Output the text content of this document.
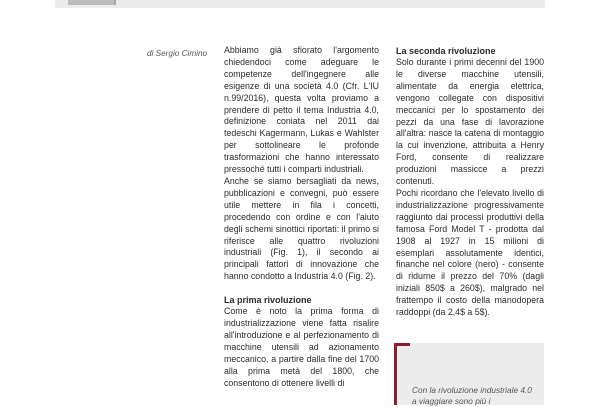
di Sergio Cimino Abbiamo già sfiorato l'argomento chiedendoci come adeguare le competenze dell'ingegnere alle esigenze di una società 4.0 (Cfr. L'IU n.99/2016), questa volta proviamo a prendere di petto il tema Industria 4.0, definizione coniata nel 2011 dai tedeschi Kagermann, Lukas e Wahlster per sottolineare le profonde trasformazioni che hanno interessato pressoché tutti i comparti industriali.

Anche se siamo bersagliati da news, pubblicazioni e convegni, può essere utile mettere in fila i concetti, procedendo con ordine e con l'aiuto degli schemi sinottici riportati: il primo si riferisce alle quattro rivoluzioni industriali (Fig. 1), il secondo ai principali fattori di innovazione che hanno condotto a Industria 4.0 (Fig. 2).

La prima rivoluzione

Come è noto la prima forma di industrializzazione viene fatta risalire all'introduzione e al perfezionamento di macchine utensili ad azionamento meccanico, a partire dalla fine del 1700 alla prima metà del 1800, che consentono di ottenere livelli di

La seconda rivoluzione

Solo durante i primi decenni del 1900 le diverse macchine utensili, alimentate da energia elettrica, vengono collegate con dispositivi meccanici per lo spostamento dei pezzi da una fase di lavorazione all'altra: nasce la catena di montaggio la cui invenzione, attribuita a Henry Ford, consente di realizzare produzioni massicce a prezzi contenuti.

Pochi ricordano che l'elevato livello di industrializzazione progressivamente raggiunto dai processi produttivi della famosa Ford Model T - prodotta dal 1908 al 1927 in 15 milioni di esemplari assolutamente identici, finanche nel colore (nero) - consente di ridurne il prezzo del 70% (dagli iniziali 850$ a 260$), malgrado nel frattempo il costo della manodopera raddoppi (da 2,4$ a 5$).

Con la rivoluzione industriale 4.0 a viaggiare sono più i
